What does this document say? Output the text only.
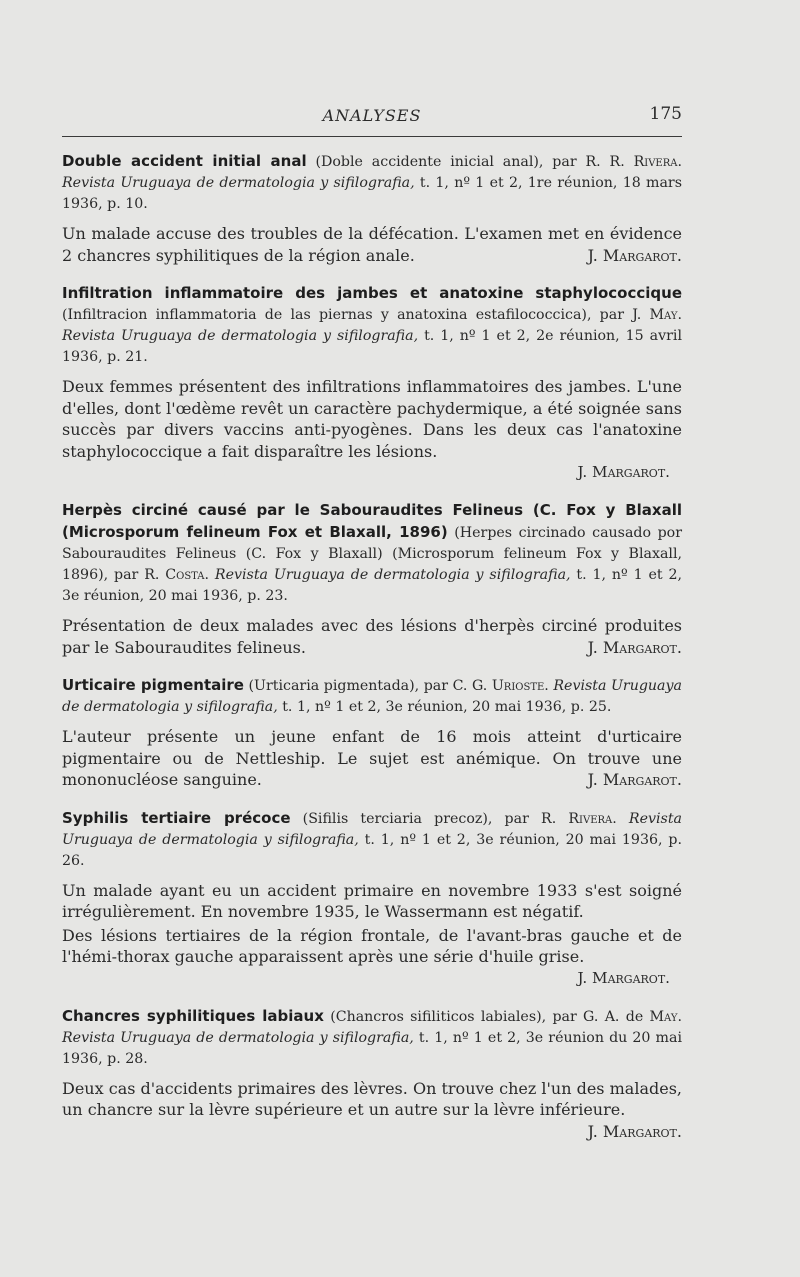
ANALYSES	175
Double accident initial anal (Doble accidente inicial anal), par R. R. Rivera. Revista Uruguaya de dermatologia y sifilografia, t. 1, nº 1 et 2, 1re réunion, 18 mars 1936, p. 10.
Un malade accuse des troubles de la défécation. L'examen met en évidence 2 chancres syphilitiques de la région anale.	J. Margarot.
Infiltration inflammatoire des jambes et anatoxine staphylococcique (Infiltracion inflammatoria de las piernas y anatoxina estafilococcica), par J. May. Revista Uruguaya de dermatologia y sifilografia, t. 1, nº 1 et 2, 2e réunion, 15 avril 1936, p. 21.
Deux femmes présentent des infiltrations inflammatoires des jambes. L'une d'elles, dont l'œdème revêt un caractère pachydermique, a été soignée sans succès par divers vaccins anti-pyogènes. Dans les deux cas l'anatoxine staphylococcique a fait disparaître les lésions.
J. Margarot.
Herpès circiné causé par le Sabouraudites Felineus (C. Fox y Blaxall (Microsporum felineum Fox et Blaxall, 1896) (Herpes circinado causado por Sabouraudites Felineus (C. Fox y Blaxall) (Microsporum felineum Fox y Blaxall, 1896), par R. Costa. Revista Uruguaya de dermatologia y sifilografia, t. 1, nº 1 et 2, 3e réunion, 20 mai 1936, p. 23.
Présentation de deux malades avec des lésions d'herpès circiné produites par le Sabouraudites felineus.	J. Margarot.
Urticaire pigmentaire (Urticaria pigmentada), par C. G. Urioste. Revista Uruguaya de dermatologia y sifilografia, t. 1, nº 1 et 2, 3e réunion, 20 mai 1936, p. 25.
L'auteur présente un jeune enfant de 16 mois atteint d'urticaire pigmentaire ou de Nettleship. Le sujet est anémique. On trouve une mononucléose sanguine.	J. Margarot.
Syphilis tertiaire précoce (Sifilis terciaria precoz), par R. Rivera. Revista Uruguaya de dermatologia y sifilografia, t. 1, nº 1 et 2, 3e réunion, 20 mai 1936, p. 26.
Un malade ayant eu un accident primaire en novembre 1933 s'est soigné irrégulièrement. En novembre 1935, le Wassermann est négatif.
Des lésions tertiaires de la région frontale, de l'avant-bras gauche et de l'hémi-thorax gauche apparaissent après une série d'huile grise.
J. Margarot.
Chancres syphilitiques labiaux (Chancros sifiliticos labiales), par G. A. de May. Revista Uruguaya de dermatologia y sifilografia, t. 1, nº 1 et 2, 3e réunion du 20 mai 1936, p. 28.
Deux cas d'accidents primaires des lèvres. On trouve chez l'un des malades, un chancre sur la lèvre supérieure et un autre sur la lèvre inférieure.
J. Margarot.
